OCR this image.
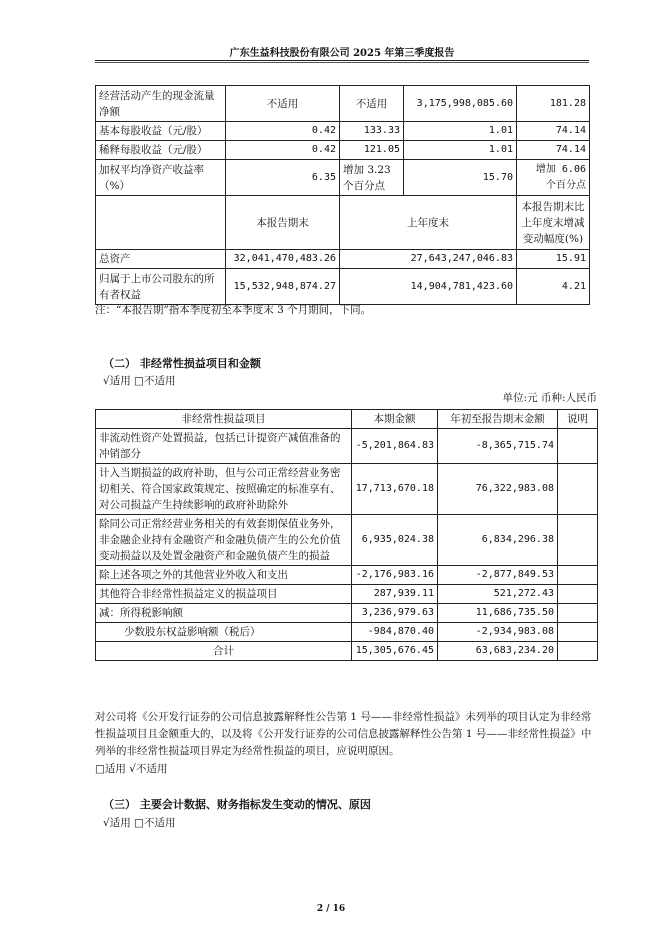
广东生益科技股份有限公司 2025 年第三季度报告
经营活动产生的现金流量净额	不适用	不适用	3,175,998,085.60	181.28
基本每股收益（元/股）	0.42	133.33	1.01	74.14
稀释每股收益（元/股）	0.42	121.05	1.01	74.14
加权平均净资产收益率（%）	6.35	增加 3.23 个百分点	15.70	增加 6.06 个百分点
	本报告期末	上年度末		本报告期末比上年度末增减变动幅度(%)
总资产	32,041,470,483.26	27,643,247,046.83		15.91
归属于上市公司股东的所有者权益	15,532,948,874.27	14,904,781,423.60		4.21
注：“本报告期”指本季度初至本季度末 3 个月期间，下同。
（二） 非经常性损益项目和金额
√适用 □不适用
单位:元 币种:人民币
非经常性损益项目	本期金额	年初至报告期末金额	说明
非流动性资产处置损益，包括已计提资产减值准备的冲销部分	-5,201,864.83	-8,365,715.74	
计入当期损益的政府补助，但与公司正常经营业务密切相关、符合国家政策规定、按照确定的标准享有、对公司损益产生持续影响的政府补助除外	17,713,670.18	76,322,983.08	
除同公司正常经营业务相关的有效套期保值业务外，非金融企业持有金融资产和金融负债产生的公允价值变动损益以及处置金融资产和金融负债产生的损益	6,935,024.38	6,834,296.38	
除上述各项之外的其他营业外收入和支出	-2,176,983.16	-2,877,849.53	
其他符合非经常性损益定义的损益项目	287,939.11	521,272.43	
减：所得税影响额	3,236,979.63	11,686,735.50	
少数股东权益影响额（税后）	-984,870.40	-2,934,983.08	
合计	15,305,676.45	63,683,234.20	
对公司将《公开发行证券的公司信息披露解释性公告第 1 号——非经常性损益》未列举的项目认定为非经常性损益项目且金额重大的，以及将《公开发行证券的公司信息披露解释性公告第 1 号——非经常性损益》中列举的非经常性损益项目界定为经常性损益的项目，应说明原因。
□适用 √不适用
（三） 主要会计数据、财务指标发生变动的情况、原因
√适用 □不适用
2 / 16
